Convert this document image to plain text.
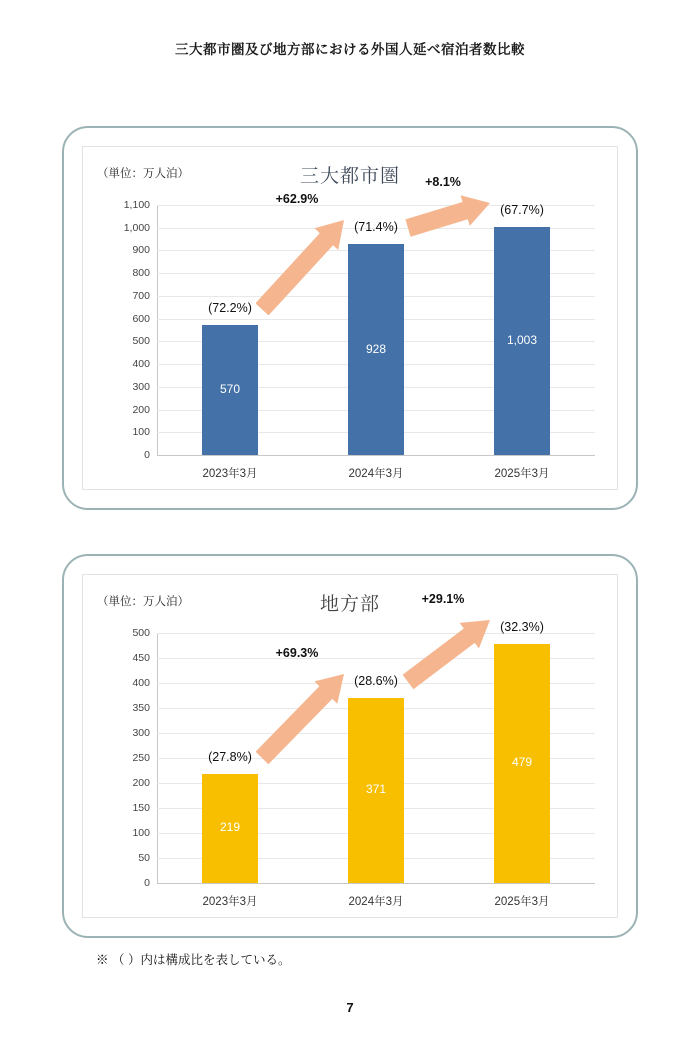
三大都市圏及び地方部における外国人延べ宿泊者数比較
（単位：万人泊）	三大都市圏
0
100
200
300
400
500
600
700
800
900
1,000
1,100
570
(72.2%)
2023年3月
928
(71.4%)
2024年3月
1,003
(67.7%)
2025年3月
+62.9%
+8.1%
（単位：万人泊）	地方部
0
50
100
150
200
250
300
350
400
450
500
219
(27.8%)
2023年3月
371
(28.6%)
2024年3月
479
(32.3%)
2025年3月
+69.3%
+29.1%
※ （ ）内は構成比を表している。
7
